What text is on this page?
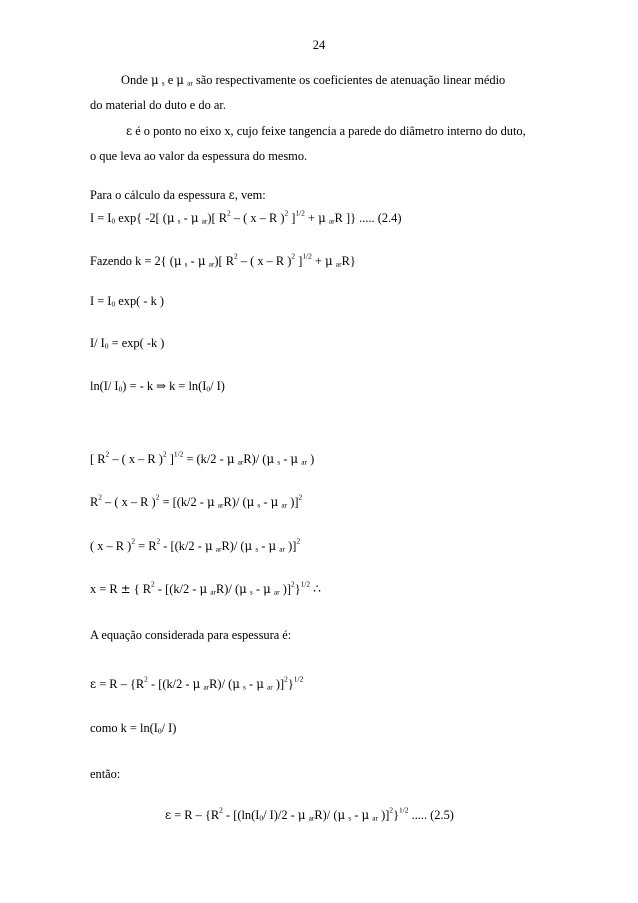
24
Onde μ $_s$ e μ $_{ar}$ são respectivamente os coeficientes de atenuação linear médio
do material do duto e do ar.
ε é o ponto no eixo x, cujo feixe tangencia a parede do diâmetro interno do duto,
o que leva ao valor da espessura do mesmo.
Para o cálculo da espessura ε, vem:
$I = I_0$ exp{ -2[ (μ $_s$ - μ $_{ar}$)[ $R^2$ – ( x – R )$^2$ ]$^{1/2}$ + μ $_{ar}$R ]} ..... (2.4)
Fazendo k = 2{ (μ $_s$ - μ $_{ar}$)[ $R^2$ – ( x – R )$^2$ ]$^{1/2}$ + μ $_{ar}$R}
$I = I_0$ exp( - k )
I/ $I_0 = \exp$( -k )
ln(I/ $I_0$) = - k ⇒ $k = \ln(I_0/$ I)
[ $R^2$ – ( x – R )$^2$ ]$^{1/2}$ = (k/2 - μ $_{ar}$R)/ (μ $_s$ - μ $_{ar}$ )
$R^2$ – ( x – R )$^2$ = [(k/2 - μ $_{ar}$R)/ (μ $_s$ - μ $_{ar}$ )]$^2$
( x – R )$^2 = R^2 - [(k/2 - \mu$ $_{ar}$R)/ (μ $_s$ - μ $_{ar}$ )]$^2$
x = R ± { $R^2 - [(k/2$ - μ $_{ar}$R)/ (μ $_s$ - μ $_{ar}$ )]$^2$}$^{1/2}$ ∴
A equação considerada para espessura é:
$\varepsilon = R - \{R^2 - [(k/2 - \mu$ $_{ar}$R)/ (μ $_s$ - μ $_{ar}$ )]$^2$}$^{1/2}$
como $k = \ln(I_0/$ I)
então:
$\varepsilon = R - \{R^2 - [(\ln(I_0/$ I)/2 - μ $_{ar}$R)/ (μ $_s$ - μ $_{ar}$ )]$^2$}$^{1/2}$ ..... (2.5)
